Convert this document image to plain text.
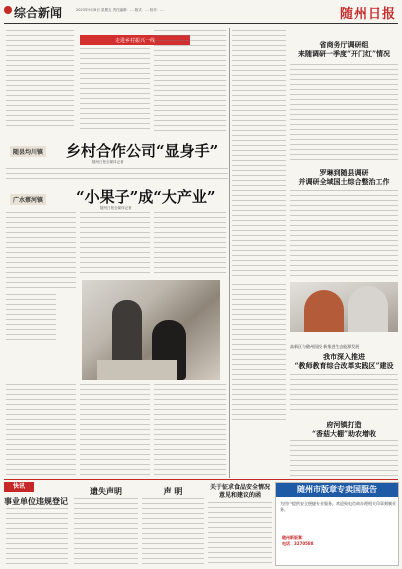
综合新闻	2023年9月8日 星期五 责任编辑：… 版式：… 校对：…	随州日报
走进乡村振兴一线
随县均川镇 乡村合作公司“显身手”
随州日报全媒体记者
广水蔡河镇 “小果子”成“大产业”
随州日报全媒体记者
省商务厅调研组
来随调研一季度“开门红”情况
罗琳到随县调研
并调研全域国土综合整治工作
高新区与随州国投 新推进生态能源发展
我市深入推进
“教师教育综合改革实践区”建设
府河镇打造
“香菇大棚”助农增收
快讯
事业单位违规登记
遗失声明	声 明	关于征求食品安全情况
意见和建议的函
随州市版章专卖国服告
为用户提供安全便捷专业服务，欢迎致电咨询办理相关印章刻制业务。
随州新版章：
电话：3270588
